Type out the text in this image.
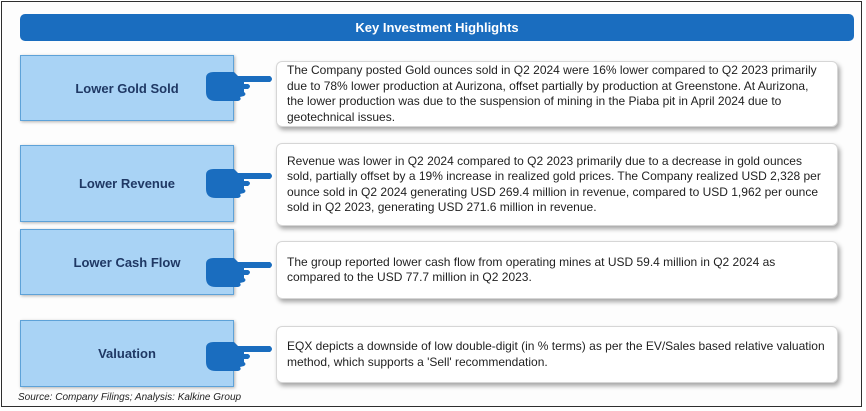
Key Investment Highlights
Lower Gold Sold
The Company posted Gold ounces sold in Q2 2024 were 16% lower compared to Q2 2023 primarily due to 78% lower production at Aurizona, offset partially by production at Greenstone. At Aurizona, the lower production was due to the suspension of mining in the Piaba pit in April 2024 due to geotechnical issues.
Lower Revenue
Revenue was lower in Q2 2024 compared to Q2 2023 primarily due to a decrease in gold ounces sold, partially offset by a 19% increase in realized gold prices. The Company realized USD 2,328 per ounce sold in Q2 2024 generating USD 269.4 million in revenue, compared to USD 1,962 per ounce sold in Q2 2023, generating USD 271.6 million in revenue.
Lower Cash Flow	The group reported lower cash flow from operating mines at USD 59.4 million in Q2 2024 as compared to the USD 77.7 million in Q2 2023.
Valuation	EQX depicts a downside of low double-digit (in % terms) as per the EV/Sales based relative valuation method, which supports a 'Sell' recommendation.
Source: Company Filings; Analysis: Kalkine Group
